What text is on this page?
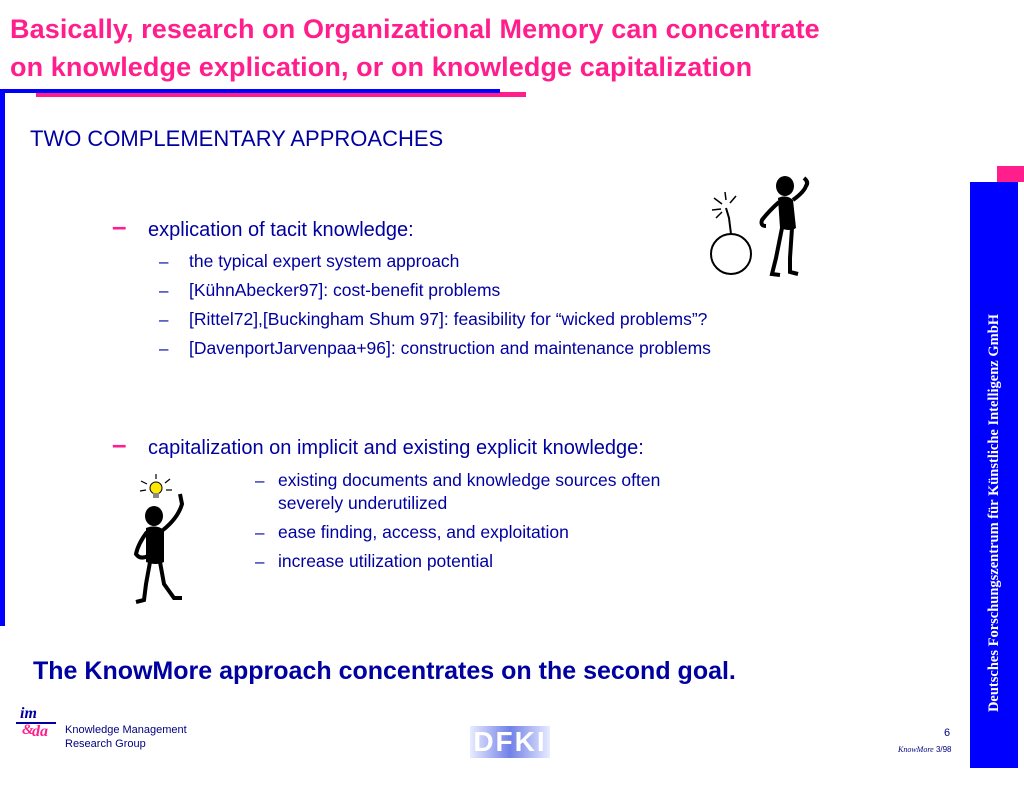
Basically, research on Organizational Memory can concentrate
on knowledge explication, or on knowledge capitalization
TWO COMPLEMENTARY APPROACHES
– explication of tacit knowledge:
– the typical expert system approach
– [KühnAbecker97]: cost-benefit problems
– [Rittel72],[Buckingham Shum 97]: feasibility for “wicked problems”?
– [DavenportJarvenpaa+96]: construction and maintenance problems
– capitalization on implicit and existing explicit knowledge:
– existing documents and knowledge sources often
severely underutilized
– ease finding, access, and exploitation
– increase utilization potential
The KnowMore approach concentrates on the second goal.
im
&
da Knowledge Management
Research Group	DFKI	6
KnowMore 3/98
Deutsches Forschungszentrum für Künstliche Intelligenz GmbH
